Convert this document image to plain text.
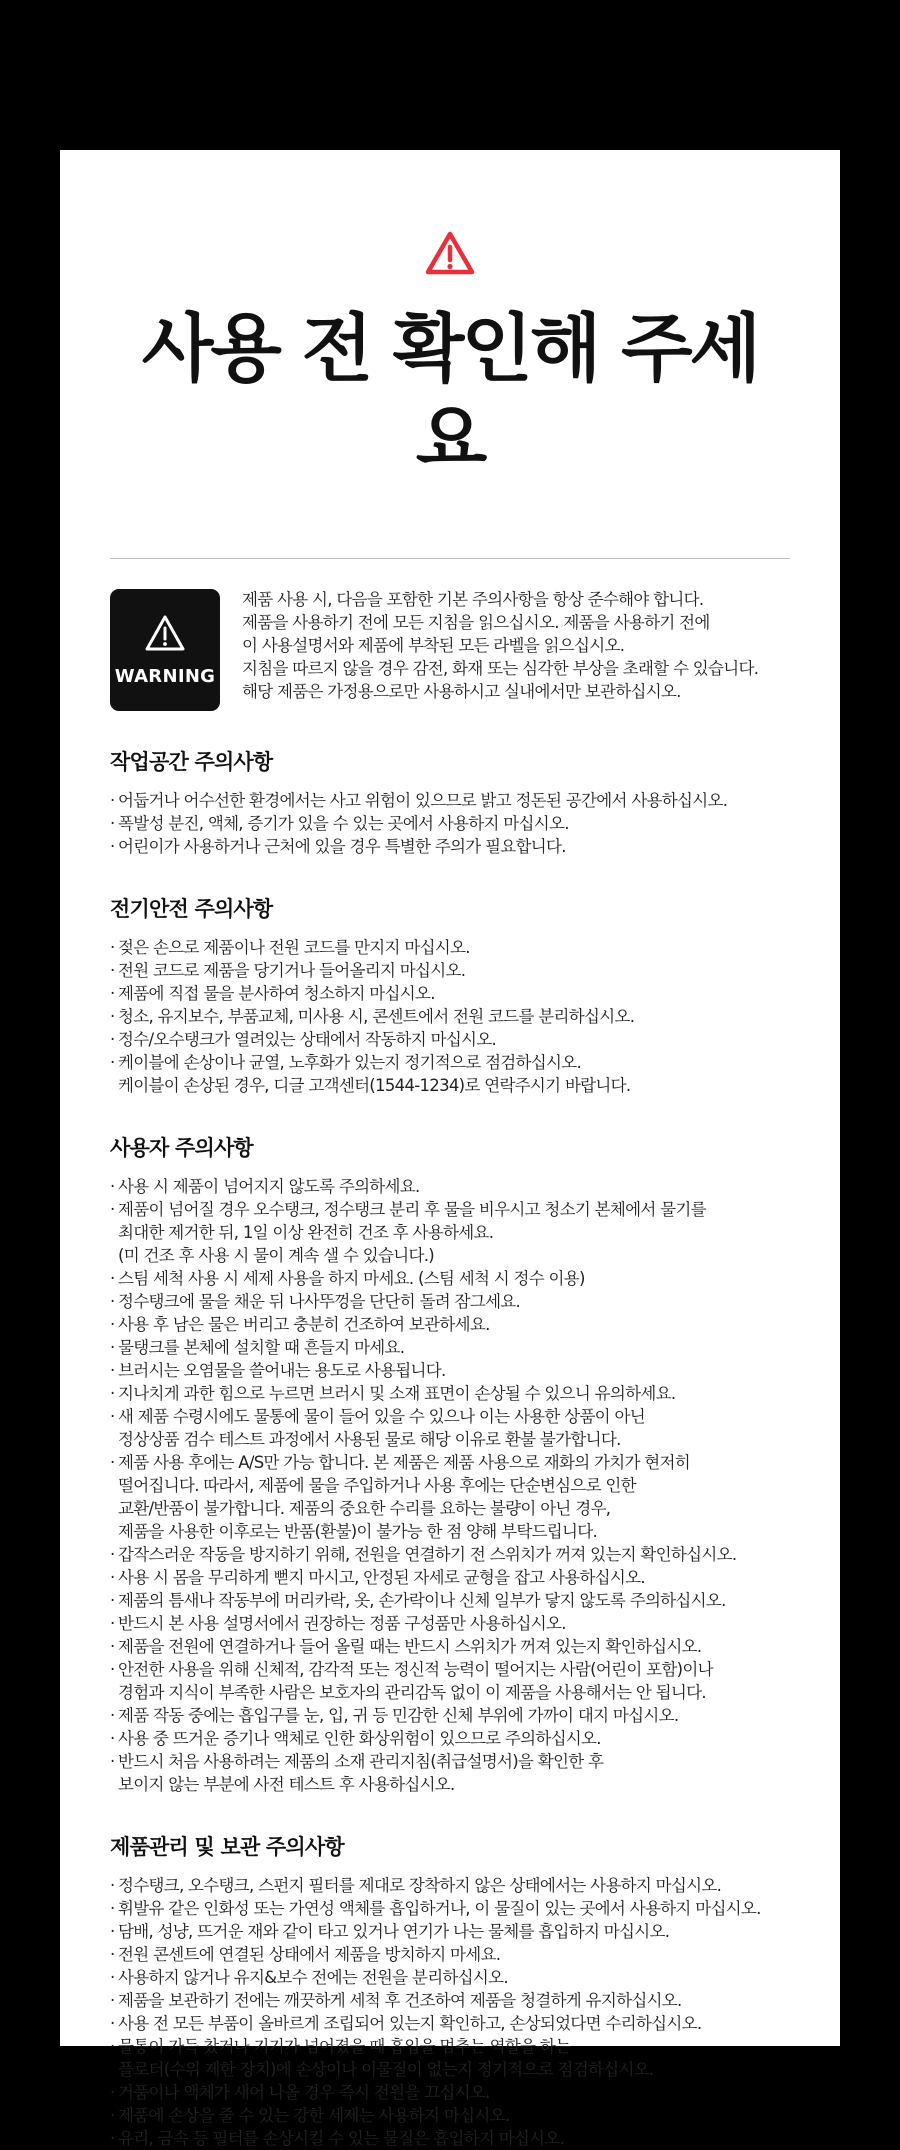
사용 전 확인해 주세요
WARNING
제품 사용 시, 다음을 포함한 기본 주의사항을 항상 준수해야 합니다.
제품을 사용하기 전에 모든 지침을 읽으십시오. 제품을 사용하기 전에
이 사용설명서와 제품에 부착된 모든 라벨을 읽으십시오.
지침을 따르지 않을 경우 감전, 화재 또는 심각한 부상을 초래할 수 있습니다.
해당 제품은 가정용으로만 사용하시고 실내에서만 보관하십시오.
작업공간 주의사항
· 어둡거나 어수선한 환경에서는 사고 위험이 있으므로 밝고 정돈된 공간에서 사용하십시오.
· 폭발성 분진, 액체, 증기가 있을 수 있는 곳에서 사용하지 마십시오.
· 어린이가 사용하거나 근처에 있을 경우 특별한 주의가 필요합니다.
전기안전 주의사항
· 젖은 손으로 제품이나 전원 코드를 만지지 마십시오.
· 전원 코드로 제품을 당기거나 들어올리지 마십시오.
· 제품에 직접 물을 분사하여 청소하지 마십시오.
· 청소, 유지보수, 부품교체, 미사용 시, 콘센트에서 전원 코드를 분리하십시오.
· 정수/오수탱크가 열려있는 상태에서 작동하지 마십시오.
· 케이블에 손상이나 균열, 노후화가 있는지 정기적으로 점검하십시오.
케이블이 손상된 경우, 디글 고객센터(1544-1234)로 연락주시기 바랍니다.
사용자 주의사항
· 사용 시 제품이 넘어지지 않도록 주의하세요.
· 제품이 넘어질 경우 오수탱크, 정수탱크 분리 후 물을 비우시고 청소기 본체에서 물기를
최대한 제거한 뒤, 1일 이상 완전히 건조 후 사용하세요.
(미 건조 후 사용 시 물이 계속 샐 수 있습니다.)
· 스팀 세척 사용 시 세제 사용을 하지 마세요. (스팀 세척 시 정수 이용)
· 정수탱크에 물을 채운 뒤 나사뚜껑을 단단히 돌려 잠그세요.
· 사용 후 남은 물은 버리고 충분히 건조하여 보관하세요.
· 물탱크를 본체에 설치할 때 흔들지 마세요.
· 브러시는 오염물을 쓸어내는 용도로 사용됩니다.
· 지나치게 과한 힘으로 누르면 브러시 및 소재 표면이 손상될 수 있으니 유의하세요.
· 새 제품 수령시에도 물통에 물이 들어 있을 수 있으나 이는 사용한 상품이 아닌
정상상품 검수 테스트 과정에서 사용된 물로 해당 이유로 환불 불가합니다.
· 제품 사용 후에는 A/S만 가능 합니다. 본 제품은 제품 사용으로 재화의 가치가 현저히
떨어집니다. 따라서, 제품에 물을 주입하거나 사용 후에는 단순변심으로 인한
교환/반품이 불가합니다. 제품의 중요한 수리를 요하는 불량이 아닌 경우,
제품을 사용한 이후로는 반품(환불)이 불가능 한 점 양해 부탁드립니다.
· 갑작스러운 작동을 방지하기 위해, 전원을 연결하기 전 스위치가 꺼져 있는지 확인하십시오.
· 사용 시 몸을 무리하게 뻗지 마시고, 안정된 자세로 균형을 잡고 사용하십시오.
· 제품의 틈새나 작동부에 머리카락, 옷, 손가락이나 신체 일부가 닿지 않도록 주의하십시오.
· 반드시 본 사용 설명서에서 권장하는 정품 구성품만 사용하십시오.
· 제품을 전원에 연결하거나 들어 올릴 때는 반드시 스위치가 꺼져 있는지 확인하십시오.
· 안전한 사용을 위해 신체적, 감각적 또는 정신적 능력이 떨어지는 사람(어린이 포함)이나
경험과 지식이 부족한 사람은 보호자의 관리감독 없이 이 제품을 사용해서는 안 됩니다.
· 제품 작동 중에는 흡입구를 눈, 입, 귀 등 민감한 신체 부위에 가까이 대지 마십시오.
· 사용 중 뜨거운 증기나 액체로 인한 화상위험이 있으므로 주의하십시오.
· 반드시 처음 사용하려는 제품의 소재 관리지침(취급설명서)을 확인한 후
보이지 않는 부분에 사전 테스트 후 사용하십시오.
제품관리 및 보관 주의사항
· 정수탱크, 오수탱크, 스펀지 필터를 제대로 장착하지 않은 상태에서는 사용하지 마십시오.
· 휘발유 같은 인화성 또는 가연성 액체를 흡입하거나, 이 물질이 있는 곳에서 사용하지 마십시오.
· 담배, 성냥, 뜨거운 재와 같이 타고 있거나 연기가 나는 물체를 흡입하지 마십시오.
· 전원 콘센트에 연결된 상태에서 제품을 방치하지 마세요.
· 사용하지 않거나 유지&보수 전에는 전원을 분리하십시오.
· 제품을 보관하기 전에는 깨끗하게 세척 후 건조하여 제품을 청결하게 유지하십시오.
· 사용 전 모든 부품이 올바르게 조립되어 있는지 확인하고, 손상되었다면 수리하십시오.
· 물통이 가득 찼거나 기기가 넘어졌을 때 흡입을 멈추는 역할을 하는
플로터(수위 제한 장치)에 손상이나 이물질이 없는지 정기적으로 점검하십시오.
· 거품이나 액체가 새어 나올 경우 즉시 전원을 끄십시오.
· 제품에 손상을 줄 수 있는 강한 세제는 사용하지 마십시오.
· 유리, 금속 등 필터를 손상시킬 수 있는 물질은 흡입하지 마십시오.
